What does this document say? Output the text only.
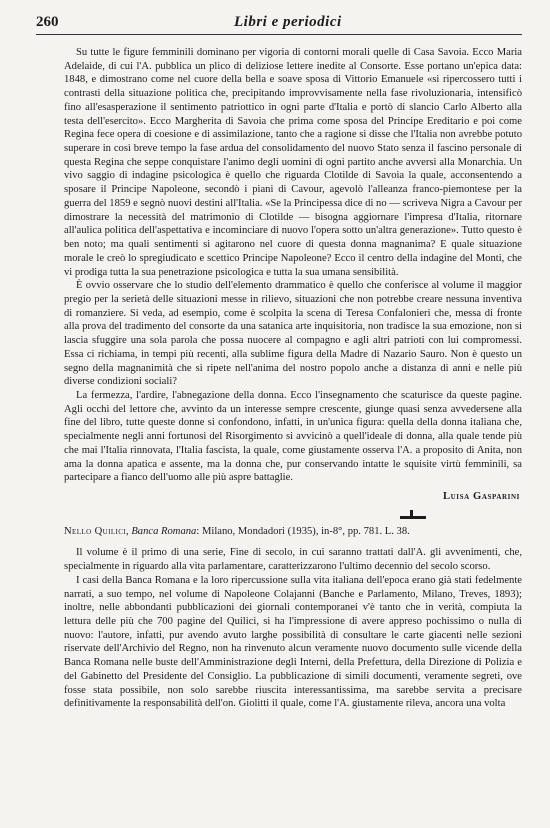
260	Libri e periodici

Su tutte le figure femminili dominano per vigoria di contorni morali quelle di Casa Savoia. Ecco Maria Adelaide, di cui l'A. pubblica un plico di deliziose lettere inedite al Consorte. Esse portano un'epica data: 1848, e dimostrano come nel cuore della bella e soave sposa di Vittorio Emanuele «si ripercossero tutti i contrasti della situazione politica che, precipitando improvvisamente nella fase rivoluzionaria, intensificò fino all'esasperazione il sentimento patriottico in ogni parte d'Italia e portò di slancio Carlo Alberto alla testa dell'esercito». Ecco Margherita di Savoia che prima come sposa del Principe Ereditario e poi come Regina fece opera di coesione e di assimilazione, tanto che a ragione si disse che l'Italia non avrebbe potuto superare in così breve tempo la fase ardua del consolidamento del nuovo Stato senza il fascino personale di questa Regina che seppe conquistare l'animo degli uomini di ogni partito anche avversi alla Monarchia. Un vivo saggio di indagine psicologica è quello che riguarda Clotilde di Savoia la quale, acconsentendo a sposare il Principe Napoleone, secondò i piani di Cavour, agevolò l'alleanza franco-piemontese per la guerra del 1859 e segnò nuovi destini all'Italia. «Se la Principessa dice di no — scriveva Nigra a Cavour per dimostrare la necessità del matrimonio di Clotilde — bisogna aggiornare l'impresa d'Italia, ritornare all'aulica politica dell'aspettativa e incominciare di nuovo l'opera sotto un'altra generazione». Tutto questo è ben noto; ma quali sentimenti si agitarono nel cuore di questa donna magnanima? E quale situazione morale le creò lo spregiudicato e scettico Principe Napoleone? Ecco il centro della indagine del Monti, che vi prodiga tutta la sua penetrazione psicologica e tutta la sua umana sensibilità.

È ovvio osservare che lo studio dell'elemento drammatico è quello che conferisce al volume il maggior pregio per la serietà delle situazioni messe in rilievo, situazioni che non potrebbe creare nessuna inventiva di romanziere. Si veda, ad esempio, come è scolpita la scena di Teresa Confalonieri che, messa di fronte alla prova del tradimento del consorte da una satanica arte inquisitoria, non tradisce la sua emozione, non si lascia sfuggire una sola parola che possa nuocere al compagno e agli altri patrioti con lui compromessi. Essa ci richiama, in tempi più recenti, alla sublime figura della Madre di Nazario Sauro. Non è questo un segno della magnanimità che si ripete nell'anima del nostro popolo anche a distanza di anni e nelle più diverse condizioni sociali?

La fermezza, l'ardire, l'abnegazione della donna. Ecco l'insegnamento che scaturisce da queste pagine. Agli occhi del lettore che, avvinto da un interesse sempre crescente, giunge quasi senza avvedersene alla fine del libro, tutte queste donne si confondono, infatti, in un'unica figura: quella della donna italiana che, specialmente negli anni fortunosi del Risorgimento si avvicinò a quell'ideale di donna, alla quale tende più che mai l'Italia rinnovata, l'Italia fascista, la quale, come giustamente osserva l'A. a proposito di Anita, non ama la donna apatica e assente, ma la donna che, pur conservando intatte le squisite virtù femminili, sa partecipare a fianco dell'uomo alle più aspre battaglie.

Luisa Gasparini
Nello Quilici, Banca Romana: Milano, Mondadori (1935), in-8°, pp. 781. L. 38.

Il volume è il primo di una serie, Fine di secolo, in cui saranno trattati dall'A. gli avvenimenti, che, specialmente in riguardo alla vita parlamentare, caratterizzarono l'ultimo decennio del secolo scorso.

I casi della Banca Romana e la loro ripercussione sulla vita italiana dell'epoca erano già stati fedelmente narrati, a suo tempo, nel volume di Napoleone Colajanni (Banche e Parlamento, Milano, Treves, 1893); inoltre, nelle abbondanti pubblicazioni dei giornali contemporanei v'è tanto che in verità, compiuta la lettura delle più che 700 pagine del Quilici, si ha l'impressione di avere appreso pochissimo o nulla di nuovo: l'autore, infatti, pur avendo avuto larghe possibilità di consultare le carte giacenti nelle sezioni riservate dell'Archivio del Regno, non ha rinvenuto alcun veramente nuovo documento sulle vicende della Banca Romana nelle buste dell'Amministrazione degli Interni, della Prefettura, della Direzione di Polizia e del Gabinetto del Presidente del Consiglio. La pubblicazione di simili documenti, veramente segreti, ove fosse stata possibile, non solo sarebbe riuscita interessantissima, ma sarebbe servita a precisare definitivamente la responsabilità dell'on. Giolitti il quale, come l'A. giustamente rileva, ancora una volta
